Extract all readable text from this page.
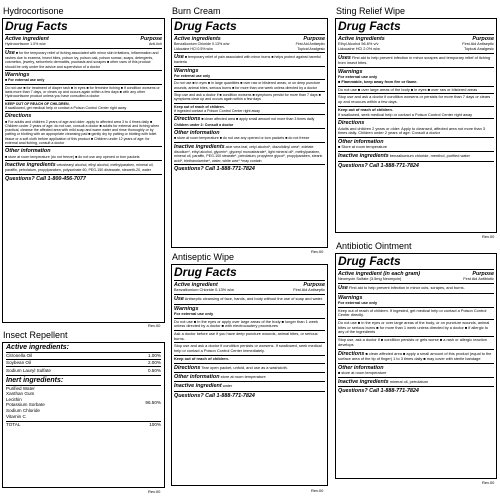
Hydrocortisone
Drug Facts
Active ingredient	Purpose
Hydrocortisone 1.0% w/w	Anti-itch
Use ■ for the temporary relief of itching associated with minor skin irritations, inflammation and rashes due to eczema, insect bites, poison ivy, poison oak, poison sumac, soaps, detergents, cosmetics, jewelry, seborrheic dermatitis, psoriasis and scrapes ■ other uses of this product should be only under the advice and supervision of a doctor
Warnings
■ For external use only
Do not use ■ for treatment of diaper rash ■ in eyes ■ for feminine itching ■ if condition worsens or lasts more than 7 days, or clears up and occurs again within a few days ■ with any other Hydrocortisone product unless you have consulted a doctor
KEEP OUT OF REACH OF CHILDREN.
If swallowed, get medical help or contact a Poison Control Center right away
Directions
■ For adults and children 2 years of age and older: apply to affected area 3 to 4 times daily ■ Children under 2 years of age: do not use, consult a doctor ■ adults for external and itching when practical, cleanse the affected area with mild soap and warm water and rinse thoroughly or by patting or blotting with an appropriate cleansing pad ■ gently dry by patting or blotting with toilet tissue or a soft cloth before application of this product ■ Children under 12 years of age: for external anal itching, consult a doctor
Other information
■ store at room temperature (do not freeze) ■ do not use any opened or torn packets
Inactive ingredients cetostearyl alcohol, ethyl alcohol, methylparaben, mineral oil, paraffin, petrolatum, propylparaben, polysorbate 60, PEG-150 distearate, steareth-20, water
Questions? Call 1-800-456-7077
Rev.00
Insect Repellent
Active ingredients:
Citronella Oil	1.00%
Soybean Oil	2.00%
Sodium Lauryl Sulfate	0.50%
Inert ingredients:
Purified Water
Xanthan Gum
Lecithin
Potassium Sorbate
Sodium Chloride
Vitamin C
96.50%
TOTAL	100%
Rev.00
Burn Cream
Drug Facts
Active ingredients	Purpose
Benzalkonium Chloride 0.13% w/w	First Aid Antiseptic
Lidocaine HCl 0.5% w/w	Topical Analgesic
Use ■ temporary relief of pain associated with minor burns ■ helps protect against harmful bacteria
Warnings
For external use only
Do not use ■ in eyes ■ in large quantities ■ over raw or blistered areas, or on deep puncture wounds, animal bites, serious burns ■ for more than one week unless directed by a doctor
Stop use and ask a doctor if ■ condition worsens ■ symptoms persist for more than 7 days ■ symptoms clear up and occurs again within a few days
Keep out of reach of children.
If ingested contact a Poison Control Center right away
Directions ■ clean affected area ■ apply small amount not more than 3 times daily
Children under 2: Consult a doctor
Other information
■ store at room temperature ■ do not use any opened or torn packets ■ do not freeze
Inactive ingredients aloe vera leaf, cetyl alcohol*, diazolidinyl urea*, edetate disodium*, ethyl alcohol, glycerin*, glyceryl monostearate*, light mineral oil*, methylparaben, mineral oil, paraffin, PEG-100 stearate*, petrolatum, propylene glycol*, propylparaben, stearic acid*, triethanolamine*, water, white wax* *may contain
Questions? Call 1-888-771-7824
Rev.00
Antiseptic Wipe
Drug Facts
Active ingredient	Purpose
Benzalkonium Chloride 0.13% w/w	First Aid Antiseptic
Use Antiseptic cleansing of face, hands, and body without the use of soap and water.
Warnings
For external use only
Do not use ■ in the eyes or apply over large areas of the body ■ longer than 1 week unless directed by a doctor ■ with electrocautery procedures
Ask a doctor before use if you have deep puncture wounds, animal bites, or serious burns.
Stop use and ask a doctor if condition persists or worsens. If swallowed, seek medical help or contact a Poison Control Center immediately.
Keep out of reach of children.
Directions Tear open packet, unfold, and use as a washcloth.
Other information store at room temperature
Inactive ingredient water
Questions? Call 1-888-771-7824
Rev.00
Sting Relief Wipe
Drug Facts
Active ingredients	Purpose
Ethyl Alcohol 56.6% v/v	First Aid Antiseptic
Lidocaine HCl 2.0% w/w	Topical Analgesic
Uses First aid to help prevent infection in minor scrapes and temporary relief of itching from insect bites.
Warnings
For external use only
■ Flammable, keep away from fire or flame.
Do not use ■ over large areas of the body ■ in eyes ■ over raw or blistered areas
Stop use and ask a doctor if condition worsens or persists for more than 7 days or clears up and reoccurs within a few days.
Keep out of reach of children.
If swallowed, seek medical help or contact a Poison Control Center right away
Directions
Adults and children 2 years or older: Apply to cleansed, affected area not more than 3 times daily. Children under 2 years of age: Consult a doctor
Other information
■ Store at room temperature
Inactive ingredients benzalkonium chloride, menthol, purified water
Questions? Call 1-888-771-7824
Rev.00
Antibiotic Ointment
Drug Facts
Active ingredient (in each gram)	Purpose
Neomycin Sulfate (3.5mg Neomycin)	First Aid Antibiotic
Use First aid to help prevent infection in minor cuts, scrapes, and burns.
Warnings
For external use only
Keep out of reach of children. If ingested, get medical help or contact a Poison Control Center directly.
Do not use ■ in the eyes or over large areas of the body, or on puncture wounds, animal bites or serious burns ■ for more than 1 week unless directed by a doctor ■ if allergic to any of the ingredients
Stop use, ask a doctor if ■ condition persists or gets worse ■ a rash or allergic reaction develops
Directions ■ clean affected area ■ apply a small amount of this product (equal to the surface area of the tip of finger) 1 to 3 times daily ■ may cover with sterile bandage
Other information
■ store at room temperature
Inactive ingredients mineral oil, petrolatum
Questions? Call 1-888-771-7824
Rev.00
